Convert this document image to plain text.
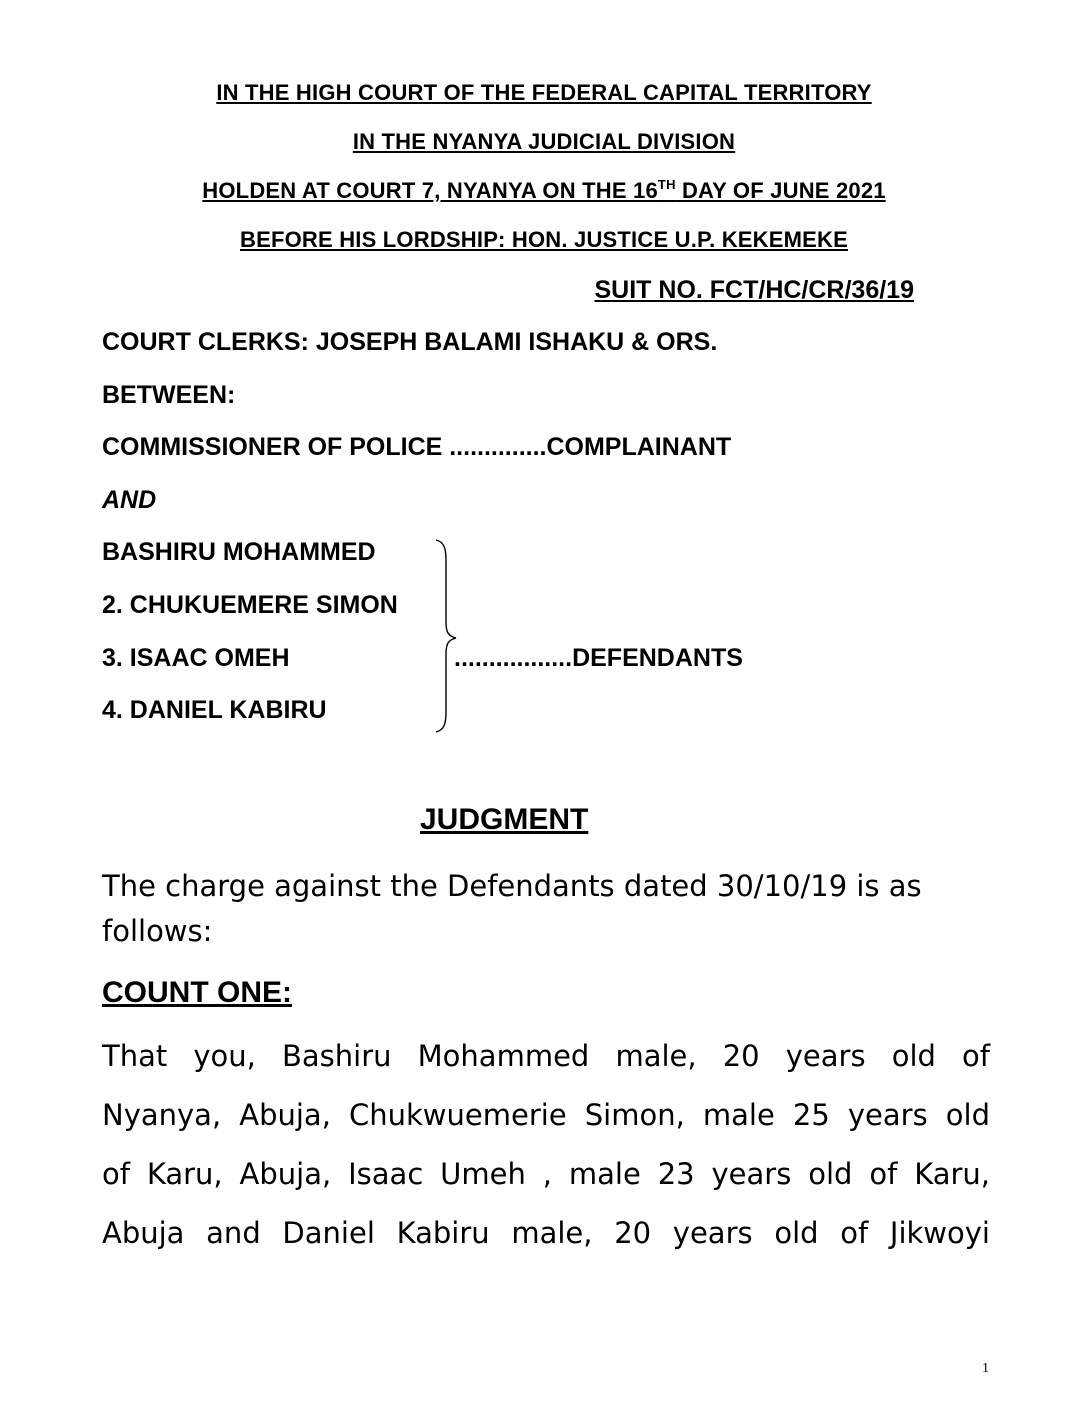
IN THE HIGH COURT OF THE FEDERAL CAPITAL TERRITORY
IN THE NYANYA JUDICIAL DIVISION
HOLDEN AT COURT 7, NYANYA ON THE 16TH DAY OF JUNE 2021
BEFORE HIS LORDSHIP: HON. JUSTICE U.P. KEKEMEKE
SUIT NO. FCT/HC/CR/36/19
COURT CLERKS: JOSEPH BALAMI ISHAKU & ORS.
BETWEEN:
COMMISSIONER OF POLICE ..............COMPLAINANT
AND
BASHIRU MOHAMMED
2. CHUKUEMERE SIMON
3. ISAAC OMEH
4. DANIEL KABIRU
.................DEFENDANTS
JUDGMENT
The charge against the Defendants dated 30/10/19 is as follows:
COUNT ONE:
That you, Bashiru Mohammed male, 20 years old of
Nyanya, Abuja, Chukwuemerie Simon, male 25 years old
of Karu, Abuja, Isaac Umeh , male 23 years old of Karu,
Abuja and Daniel Kabiru male, 20 years old of Jikwoyi
1
